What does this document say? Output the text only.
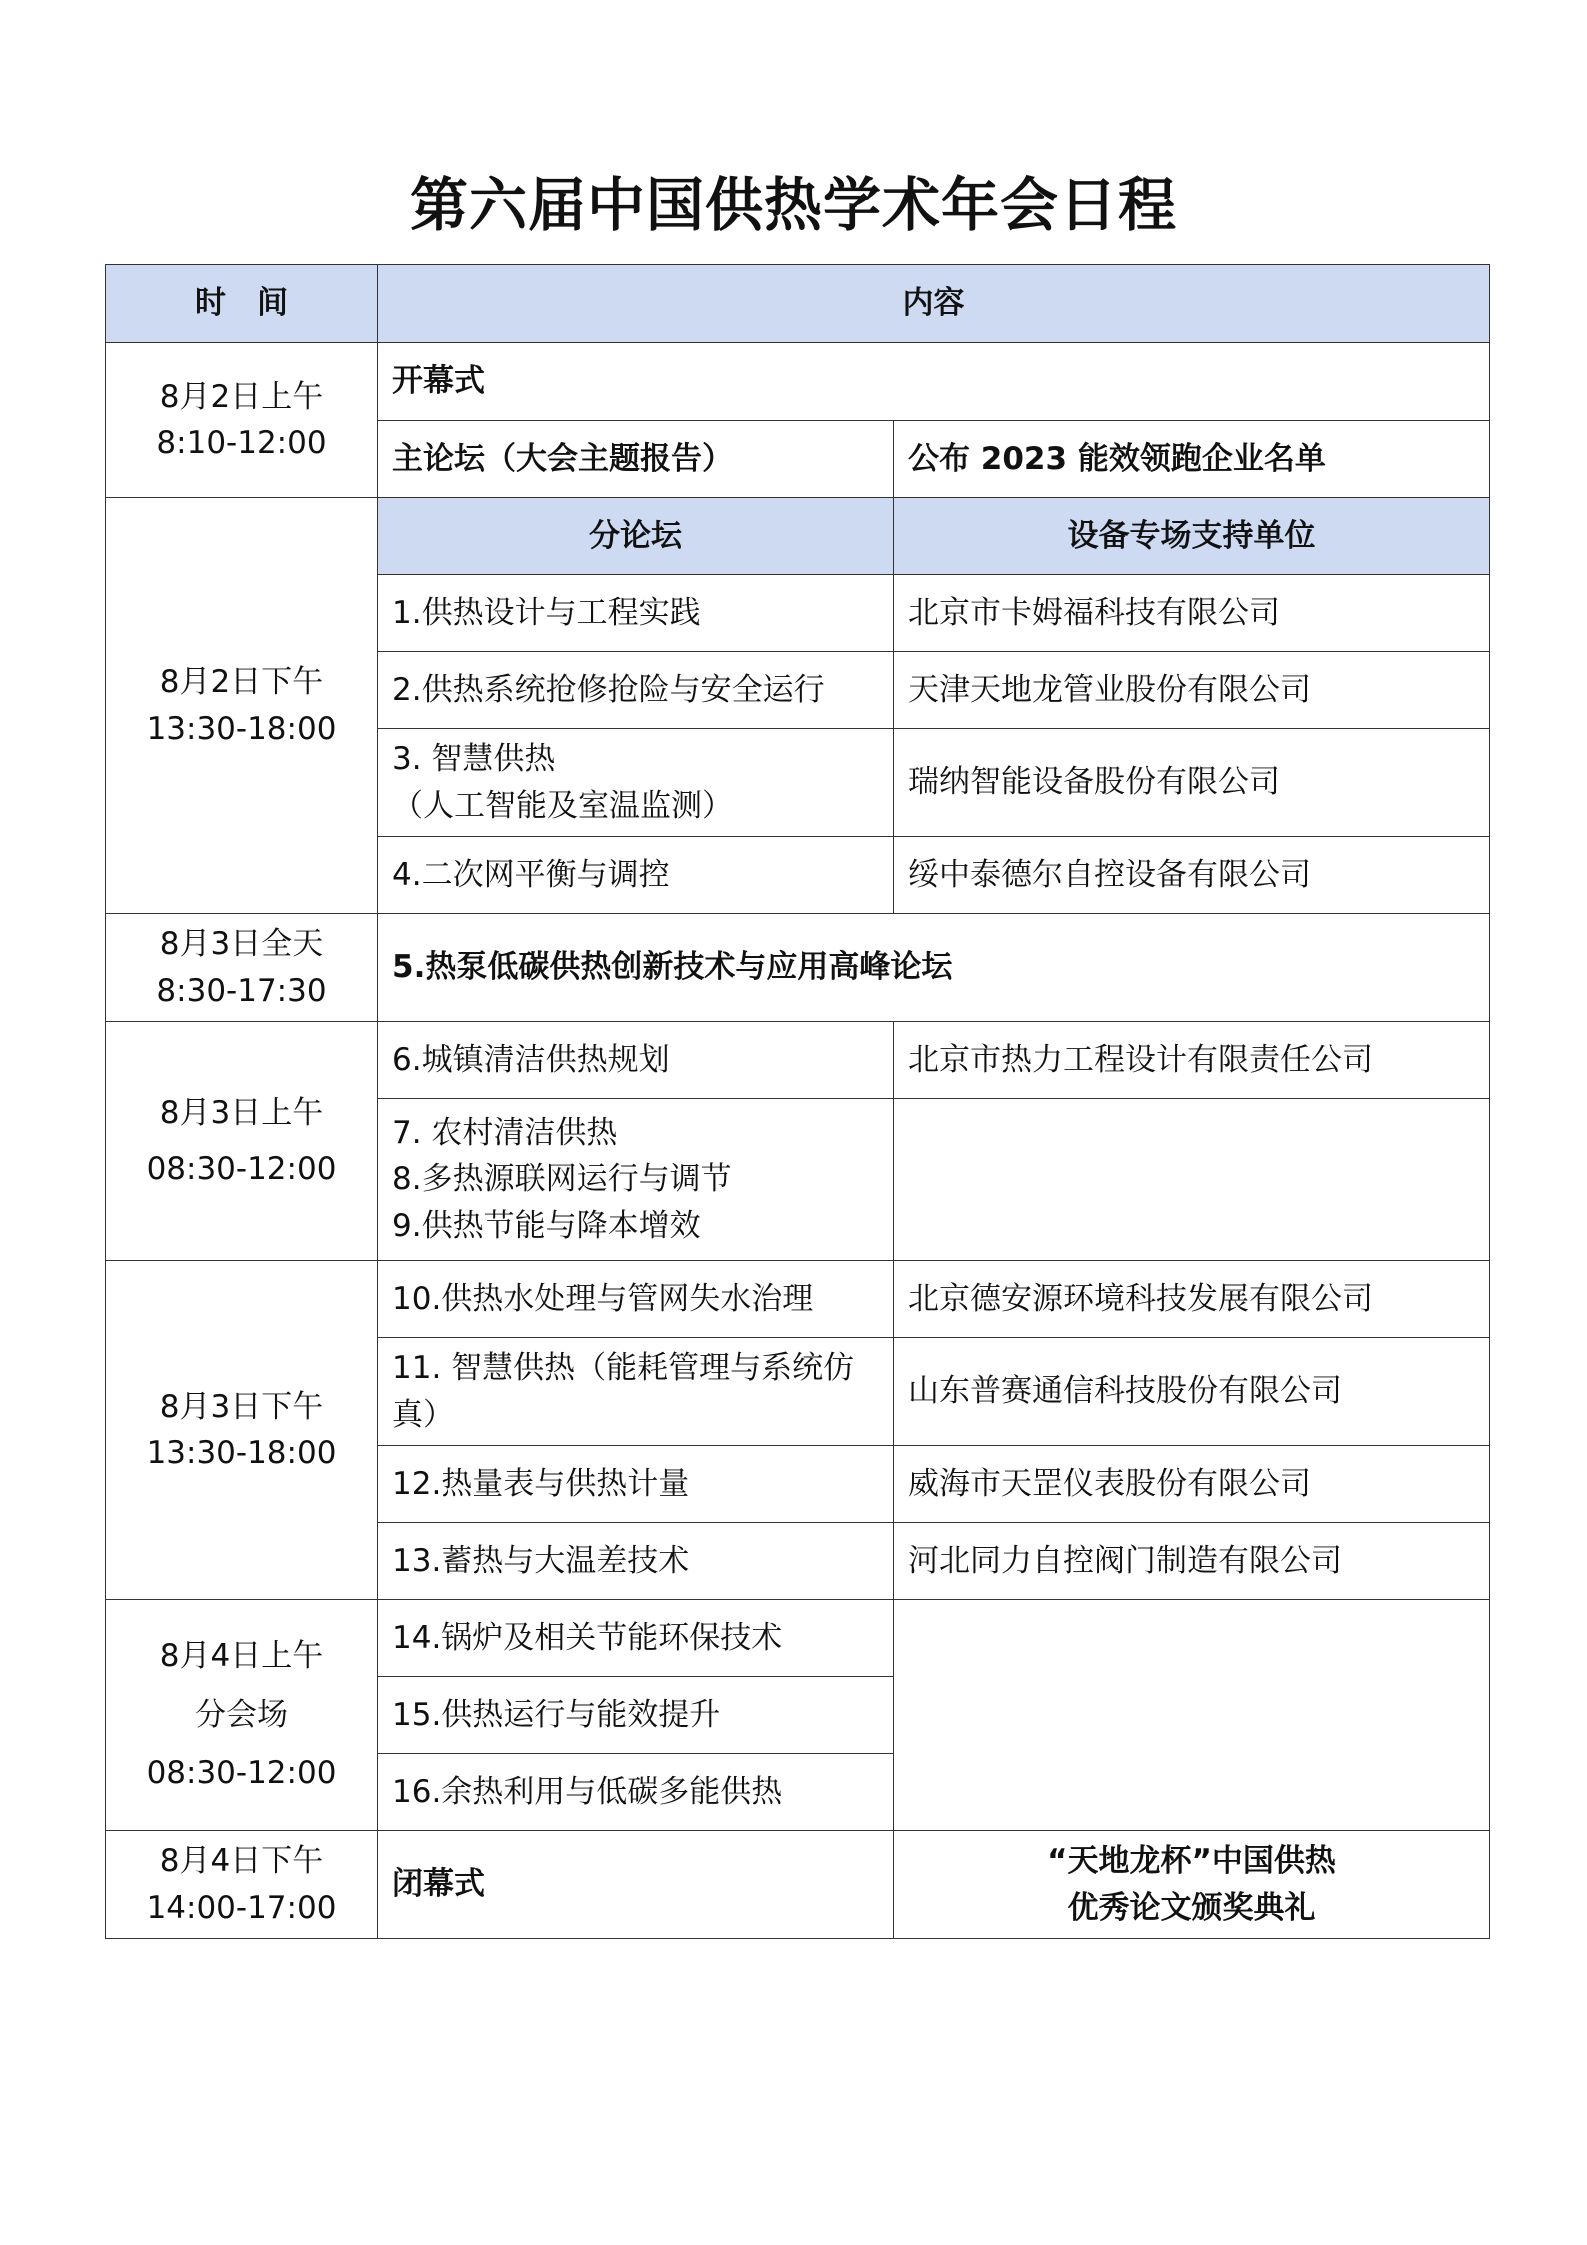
第六届中国供热学术年会日程
时　间	内容	

8月2日上午
8:10-12:00	开幕式	
	主论坛（大会主题报告）	公布 2023 能效领跑企业名单

8月2日下午
13:30-18:00	分论坛	设备专场支持单位
	1.供热设计与工程实践	北京市卡姆福科技有限公司
	2.供热系统抢修抢险与安全运行	天津天地龙管业股份有限公司

	3. 智慧供热
（人工智能及室温监测）	瑞纳智能设备股份有限公司
	4.二次网平衡与调控	绥中泰德尔自控设备有限公司

8月3日全天
8:30-17:30	5.热泵低碳供热创新技术与应用高峰论坛	

8月3日上午
08:30-12:00	6.城镇清洁供热规划	北京市热力工程设计有限责任公司

	7. 农村清洁供热
8.多热源联网运行与调节
9.供热节能与降本增效	

8月3日下午
13:30-18:00	10.供热水处理与管网失水治理	北京德安源环境科技发展有限公司
	11. 智慧供热（能耗管理与系统仿真）	山东普赛通信科技股份有限公司
	12.热量表与供热计量	威海市天罡仪表股份有限公司
	13.蓄热与大温差技术	河北同力自控阀门制造有限公司

8月4日上午
分会场
08:30-12:00	14.锅炉及相关节能环保技术	
	15.供热运行与能效提升	
	16.余热利用与低碳多能供热	

8月4日下午
14:00-17:00	闭幕式	“天地龙杯”中国供热
优秀论文颁奖典礼
